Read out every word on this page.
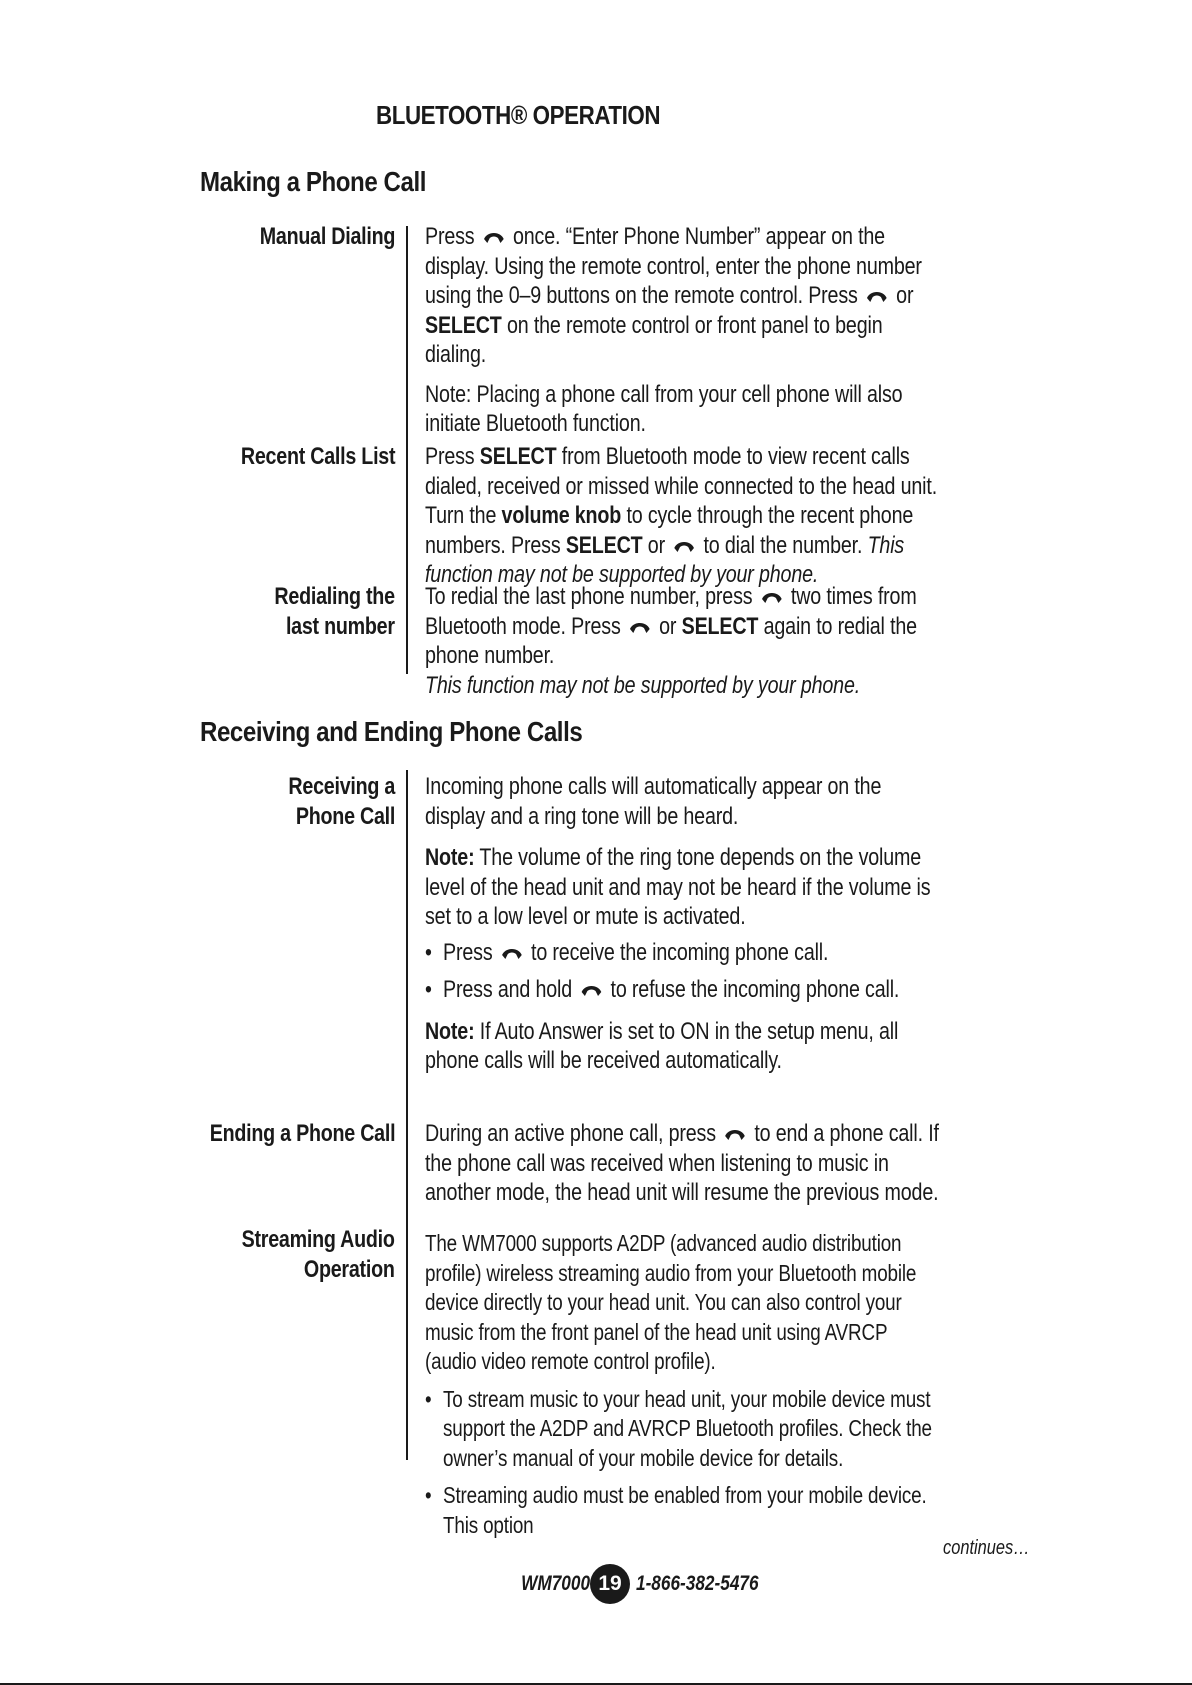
BLUETOOTH® OPERATION
Making a Phone Call
Manual Dialing Press once. “Enter Phone Number” appear on the display. Using the remote control, enter the phone number using the 0–9 buttons on the remote control. Press or SELECT on the remote control or front panel to begin dialing.

Note: Placing a phone call from your cell phone will also initiate Bluetooth function.

Recent Calls List Press SELECT from Bluetooth mode to view recent calls dialed, received or missed while connected to the head unit. Turn the volume knob to cycle through the recent phone numbers. Press SELECT or to dial the number. This function may not be supported by your phone.

Redialing the
last number

To redial the last phone number, press two times from Bluetooth mode. Press or SELECT again to redial the phone number.

This function may not be supported by your phone.

Receiving and Ending Phone Calls
Receiving a
Phone Call

Incoming phone calls will automatically appear on the display and a ring tone will be heard.

Note: The volume of the ring tone depends on the volume level of the head unit and may not be heard if the volume is set to a low level or mute is activated.

• Press to receive the incoming phone call.

• Press and hold to refuse the incoming phone call.

Note: If Auto Answer is set to ON in the setup menu, all phone calls will be received automatically.

Ending a Phone Call During an active phone call, press to end a phone call. If the phone call was received when listening to music in another mode, the head unit will resume the previous mode.

Streaming Audio
Operation

The WM7000 supports A2DP (advanced audio distribution profile) wireless streaming audio from your Bluetooth mobile device directly to your head unit. You can also control your music from the front panel of the head unit using AVRCP (audio video remote control profile).

• To stream music to your head unit, your mobile device must support the A2DP and AVRCP Bluetooth profiles. Check the owner’s manual of your mobile device for details.

• Streaming audio must be enabled from your mobile device. This option

continues…
WM7000 19 1-866-382-5476
